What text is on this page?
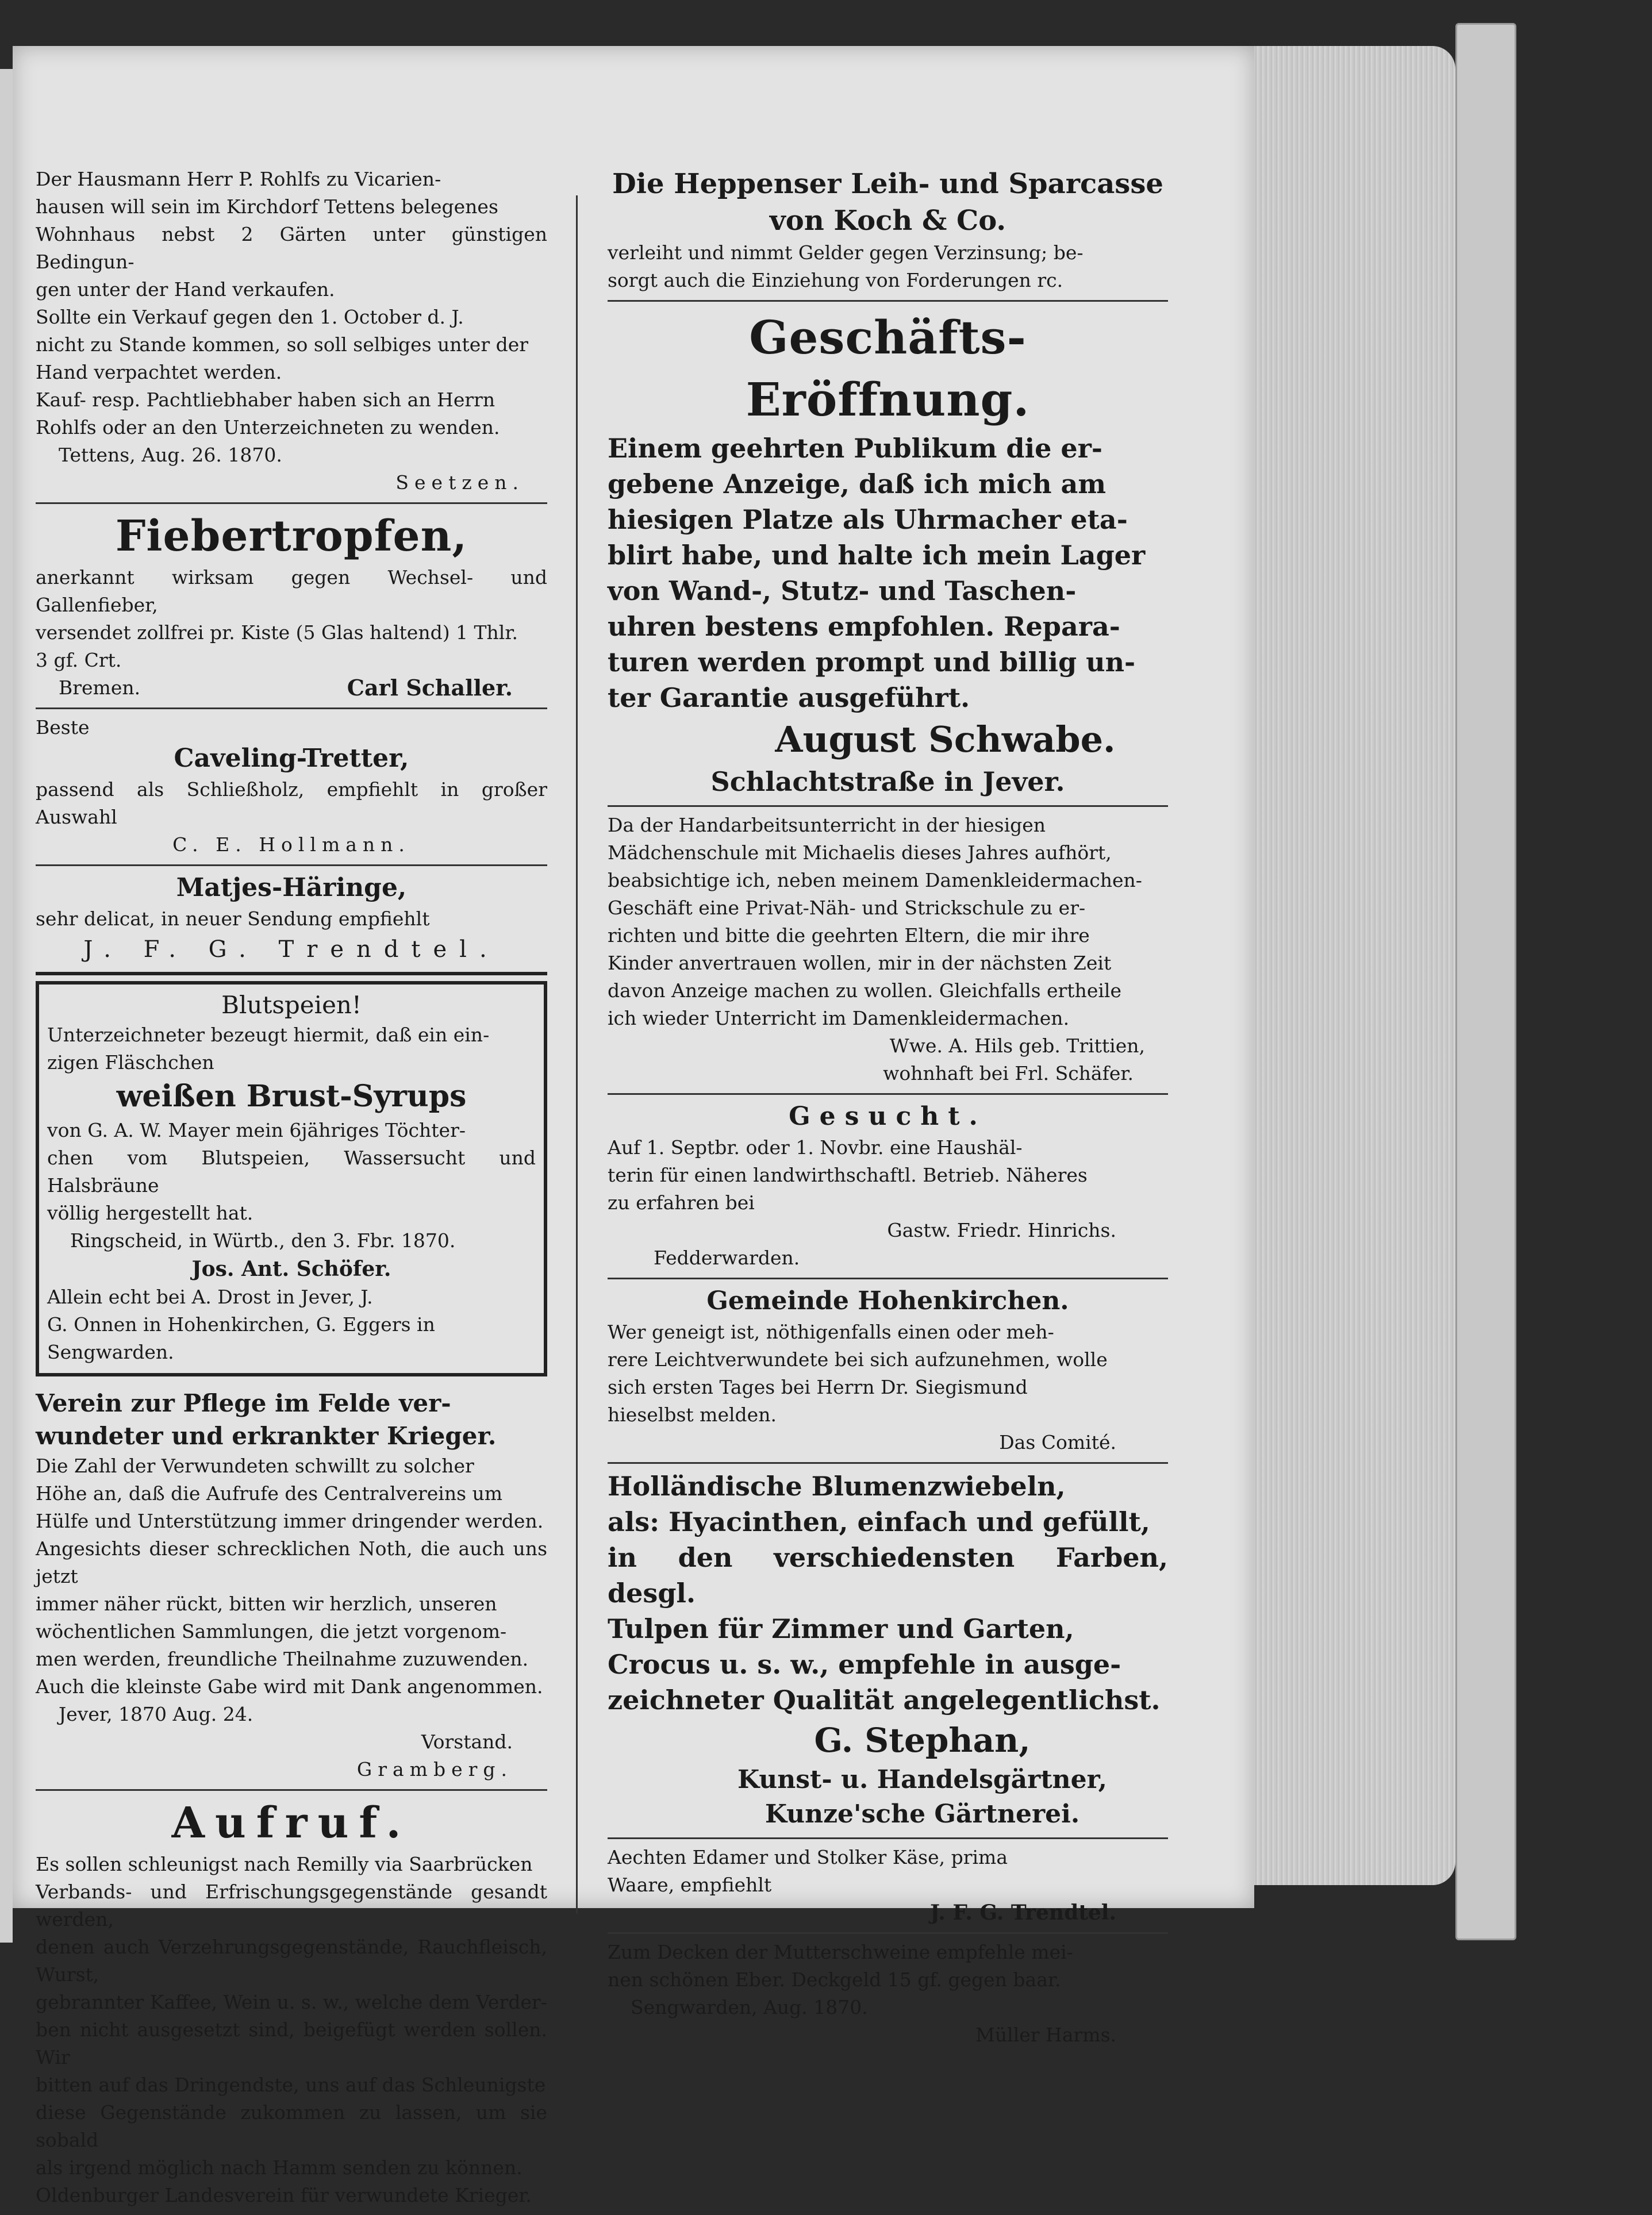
Der Hausmann Herr P. Rohlfs zu Vicarien-

hausen will sein im Kirchdorf Tettens belegenes

Wohnhaus nebst 2 Gärten unter günstigen Bedingun-

gen unter der Hand verkaufen.

Sollte ein Verkauf gegen den 1. October d. J.

nicht zu Stande kommen, so soll selbiges unter der

Hand verpachtet werden.

Kauf- resp. Pachtliebhaber haben sich an Herrn

Rohlfs oder an den Unterzeichneten zu wenden.

Tettens, Aug. 26. 1870.

Seetzen.
Fiebertropfen,

anerkannt wirksam gegen Wechsel- und Gallenfieber,

versendet zollfrei pr. Kiste (5 Glas haltend) 1 Thlr.

3 gf. Crt.

Bremen.	Carl Schaller.

Beste

Caveling-Tretter,

passend als Schließholz, empfiehlt in großer Auswahl

C. E. Hollmann.
Matjes-Häringe,

sehr delicat, in neuer Sendung empfiehlt

J. F. G. Trendtel.
Blutspeien!

Unterzeichneter bezeugt hiermit, daß ein ein-

zigen Fläschchen

weißen Brust-Syrups

von G. A. W. Mayer mein 6jähriges Töchter-

chen vom Blutspeien, Wassersucht und Halsbräune

völlig hergestellt hat.

Ringscheid, in Würtb., den 3. Fbr. 1870.

Jos. Ant. Schöfer.

Allein echt bei A. Drost in Jever, J.

G. Onnen in Hohenkirchen, G. Eggers in

Sengwarden.

Verein zur Pflege im Felde ver-
wundeter und erkrankter Krieger.

Die Zahl der Verwundeten schwillt zu solcher

Höhe an, daß die Aufrufe des Centralvereins um

Hülfe und Unterstützung immer dringender werden.

Angesichts dieser schrecklichen Noth, die auch uns jetzt

immer näher rückt, bitten wir herzlich, unseren

wöchentlichen Sammlungen, die jetzt vorgenom-

men werden, freundliche Theilnahme zuzuwenden.

Auch die kleinste Gabe wird mit Dank angenommen.

Jever, 1870 Aug. 24.

Vorstand.
Gramberg.
Aufruf.

Es sollen schleunigst nach Remilly via Saarbrücken

Verbands- und Erfrischungsgegenstände gesandt werden,

denen auch Verzehrungsgegenstände, Rauchfleisch, Wurst,

gebrannter Kaffee, Wein u. s. w., welche dem Verder-

ben nicht ausgesetzt sind, beigefügt werden sollen. Wir

bitten auf das Dringendste, uns auf das Schleunigste

diese Gegenstände zukommen zu lassen, um sie sobald

als irgend möglich nach Hamm senden zu können.

Oldenburger Landesverein für verwundete Krieger.

Die Heppenser Leih- und Sparcasse
von Koch & Co.

verleiht und nimmt Gelder gegen Verzinsung; be-

sorgt auch die Einziehung von Forderungen rc.

Geschäfts-Eröffnung.
Einem geehrten Publikum die er-
gebene Anzeige, daß ich mich am
hiesigen Platze als Uhrmacher eta-
blirt habe, und halte ich mein Lager
von Wand-, Stutz- und Taschen-
uhren bestens empfohlen. Repara-
turen werden prompt und billig un-
ter Garantie ausgeführt.
August Schwabe.
Schlachtstraße in Jever.

Da der Handarbeitsunterricht in der hiesigen

Mädchenschule mit Michaelis dieses Jahres aufhört,

beabsichtige ich, neben meinem Damenkleidermachen-

Geschäft eine Privat-Näh- und Strickschule zu er-

richten und bitte die geehrten Eltern, die mir ihre

Kinder anvertrauen wollen, mir in der nächsten Zeit

davon Anzeige machen zu wollen. Gleichfalls ertheile

ich wieder Unterricht im Damenkleidermachen.

Wwe. A. Hils geb. Trittien,
wohnhaft bei Frl. Schäfer.
Gesucht.

Auf 1. Septbr. oder 1. Novbr. eine Haushäl-

terin für einen landwirthschaftl. Betrieb. Näheres

zu erfahren bei

Gastw. Friedr. Hinrichs.

Fedderwarden.

Gemeinde Hohenkirchen.

Wer geneigt ist, nöthigenfalls einen oder meh-

rere Leichtverwundete bei sich aufzunehmen, wolle

sich ersten Tages bei Herrn Dr. Siegismund

hieselbst melden.

Das Comité.
Holländische Blumenzwiebeln,
als: Hyacinthen, einfach und gefüllt,
in den verschiedensten Farben, desgl.
Tulpen für Zimmer und Garten,
Crocus u. s. w., empfehle in ausge-
zeichneter Qualität angelegentlichst.
G. Stephan,
Kunst- u. Handelsgärtner,
Kunze'sche Gärtnerei.

Aechten Edamer und Stolker Käse, prima

Waare, empfiehlt

J. F. G. Trendtel.

Zum Decken der Mutterschweine empfehle mei-

nen schönen Eber. Deckgeld 15 gf. gegen baar.

Sengwarden, Aug. 1870.

Müller Harms.
